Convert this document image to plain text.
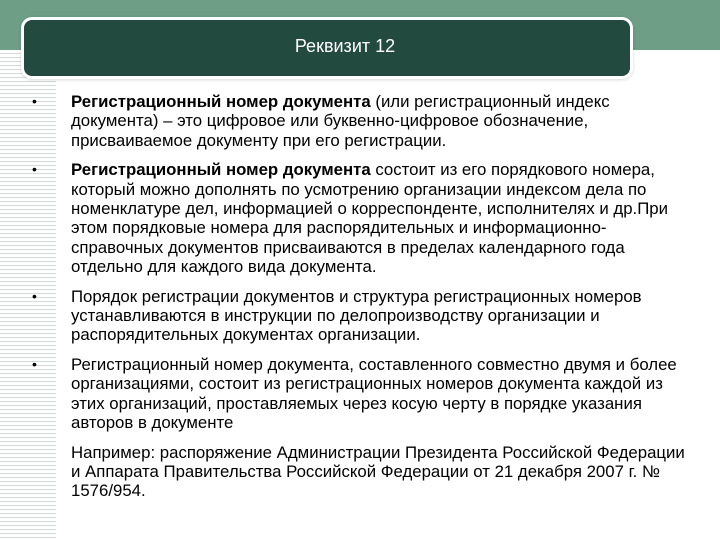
Реквизит 12
• Регистрационный номер документа (или регистрационный индекс документа) – это цифровое или буквенно-цифровое обозначение, присваиваемое документу при его регистрации.
• Регистрационный номер документа состоит из его порядкового номера, который можно дополнять по усмотрению организации индексом дела по номенклатуре дел, информацией о корреспонденте, исполнителях и др.При этом порядковые номера для распорядительных и информационно-справочных документов присваиваются в пределах календарного года отдельно для каждого вида документа.
• Порядок регистрации документов и структура регистрационных номеров устанавливаются в инструкции по делопроизводству организации и распорядительных документах организации.
• Регистрационный номер документа, составленного совместно двумя и более организациями, состоит из регистрационных номеров документа каждой из этих организаций, проставляемых через косую черту в порядке указания авторов в документе
Например: распоряжение Администрации Президента Российской Федерации и Аппарата Правительства Российской Федерации от 21 декабря 2007 г. № 1576/954.
